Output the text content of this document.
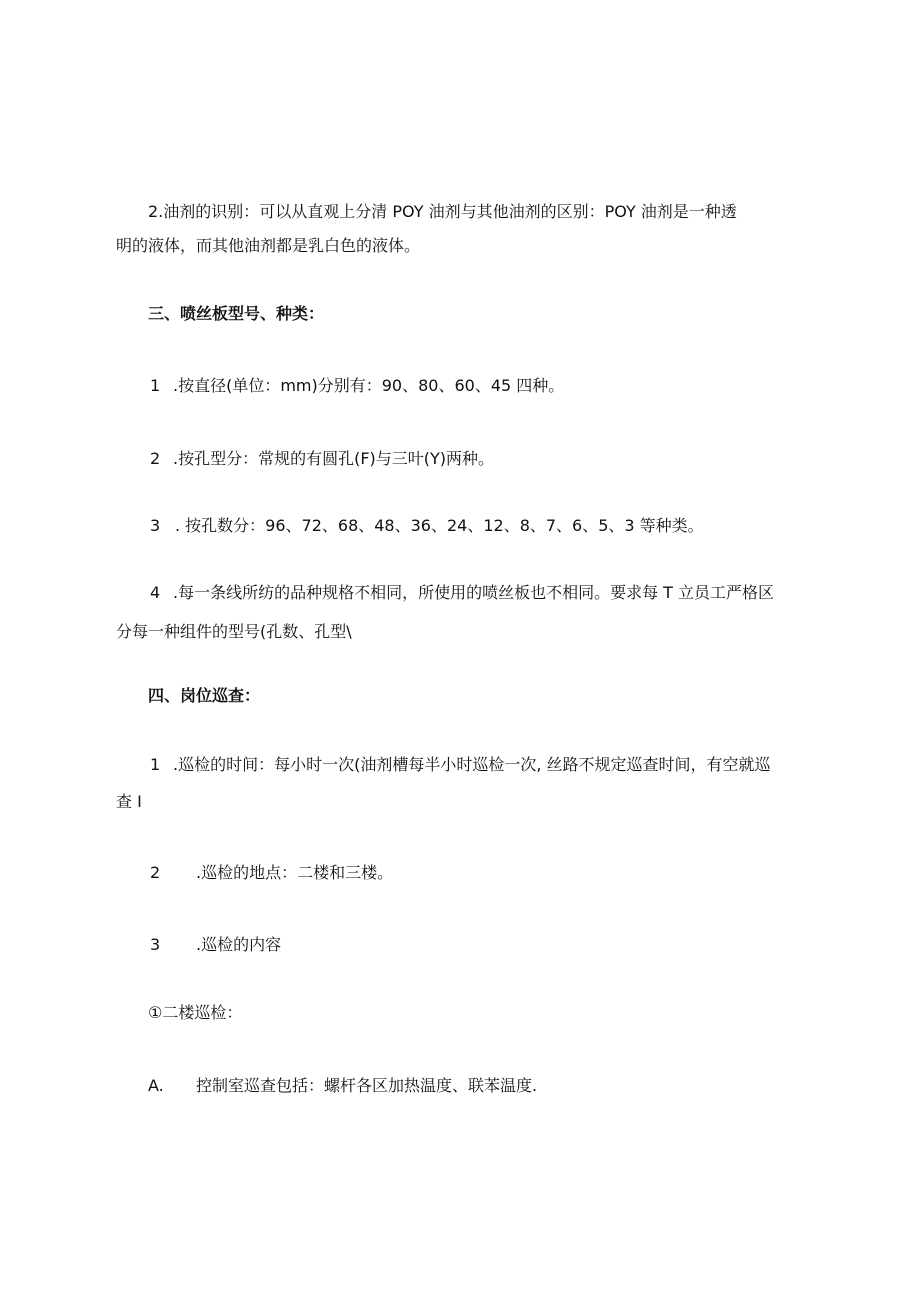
2.油剂的识别：可以从直观上分清 POY 油剂与其他油剂的区别：POY 油剂是一种透
明的液体，而其他油剂都是乳白色的液体。
三、喷丝板型号、种类：
1 .按直径(单位：mm)分别有：90、80、60、45 四种。
2 .按孔型分：常规的有圆孔(F)与三叶(Y)两种。
3 . 按孔数分：96、72、68、48、36、24、12、8、7、6、5、3 等种类。
4 .每一条线所纺的品种规格不相同，所使用的喷丝板也不相同。要求每 T 立员工严格区
分每一种组件的型号(孔数、孔型\
四、岗位巡查：
1 .巡检的时间：每小时一次(油剂槽每半小时巡检一次, 丝路不规定巡查时间，有空就巡
查 I
2 .巡检的地点：二楼和三楼。
3 .巡检的内容
①二楼巡检：
A. 控制室巡查包括：螺杆各区加热温度、联苯温度.
